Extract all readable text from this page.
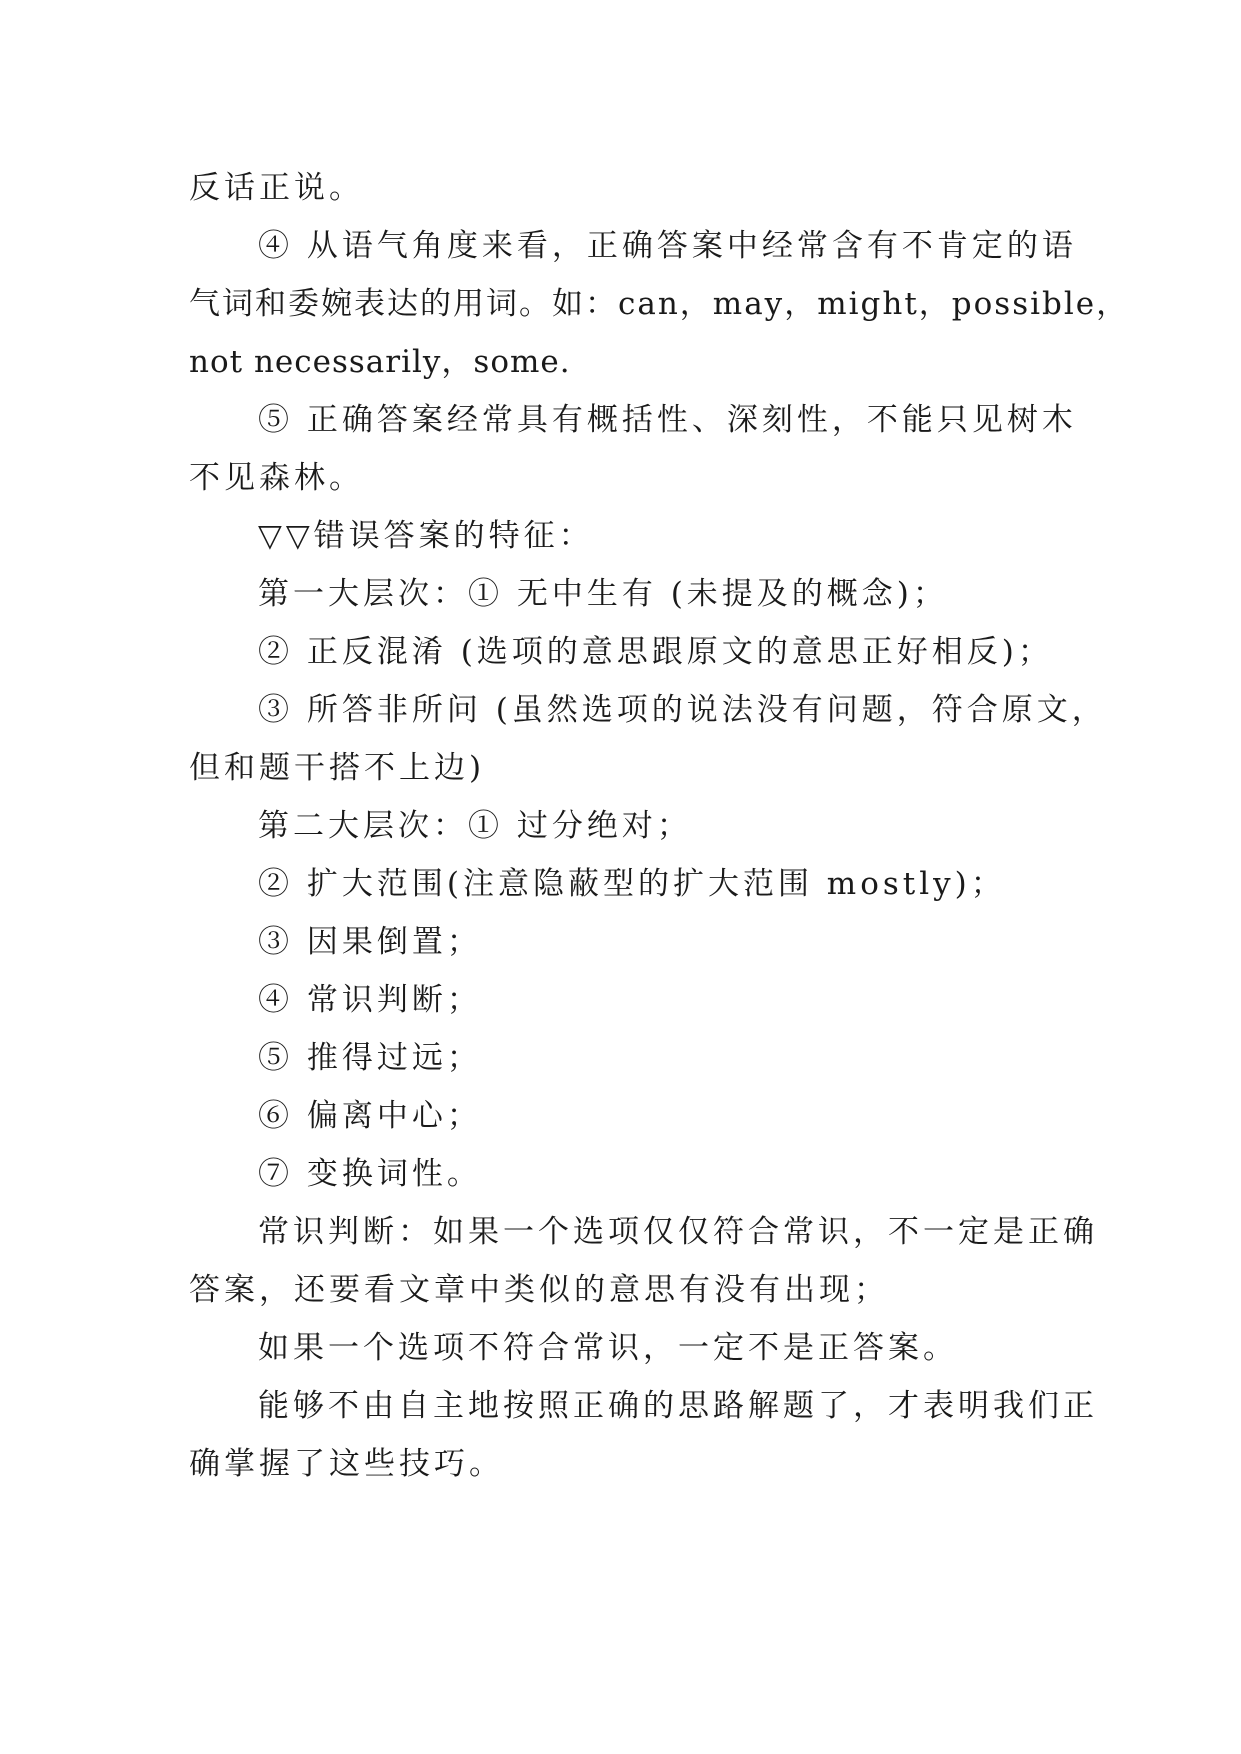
反话正说。
④ 从语气角度来看，正确答案中经常含有不肯定的语
气词和委婉表达的用词。如：can，may，might，possible，
not necessarily，some.
⑤ 正确答案经常具有概括性、深刻性，不能只见树木
不见森林。
▽▽错误答案的特征：
第一大层次：① 无中生有 (未提及的概念)；
② 正反混淆 (选项的意思跟原文的意思正好相反)；
③ 所答非所问 (虽然选项的说法没有问题，符合原文，
但和题干搭不上边)
第二大层次：① 过分绝对；
② 扩大范围(注意隐蔽型的扩大范围 mostly)；
③ 因果倒置；
④ 常识判断；
⑤ 推得过远；
⑥ 偏离中心；
⑦ 变换词性。
常识判断：如果一个选项仅仅符合常识，不一定是正确
答案，还要看文章中类似的意思有没有出现；
如果一个选项不符合常识，一定不是正答案。
能够不由自主地按照正确的思路解题了，才表明我们正
确掌握了这些技巧。
